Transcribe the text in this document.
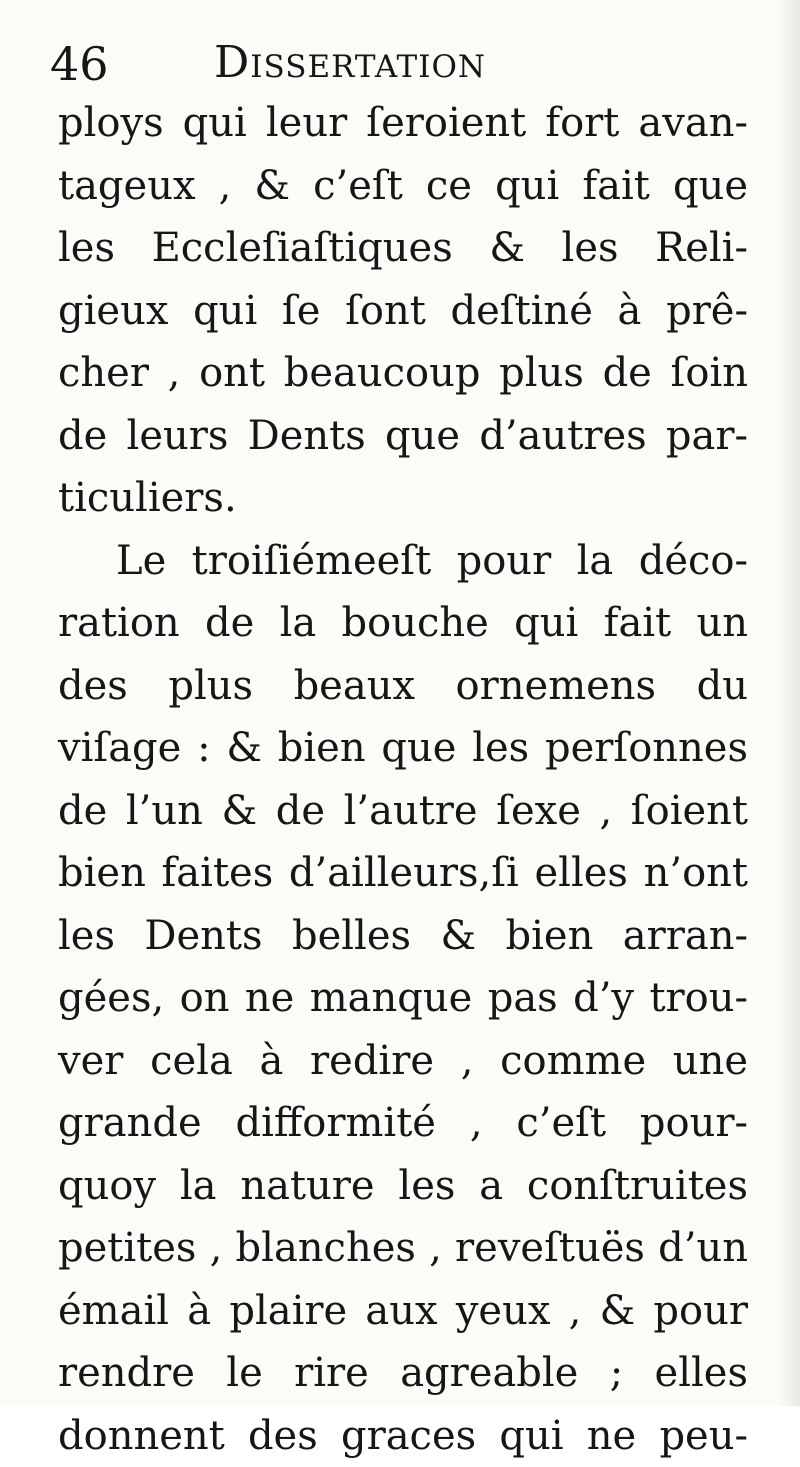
46 Dissertation
ploys qui leur ſeroient fort avan-
tageux , & c’eſt ce qui fait que
les Eccleſiaſtiques & les Reli-
gieux qui ſe ſont deſtiné à prê-
cher , ont beaucoup plus de ſoin
de leurs Dents que d’autres par-
ticuliers.
Le troiſiémeeſt pour la déco-
ration de la bouche qui fait un
des plus beaux ornemens du
viſage : & bien que les perſonnes
de l’un & de l’autre ſexe , ſoient
bien faites d’ailleurs,ſi elles n’ont
les Dents belles & bien arran-
gées, on ne manque pas d’y trou-
ver cela à redire , comme une
grande difformité , c’eſt pour-
quoy la nature les a conſtruites
petites , blanches , reveſtuës d’un
émail à plaire aux yeux , & pour
rendre le rire agreable ; elles
donnent des graces qui ne peu-
